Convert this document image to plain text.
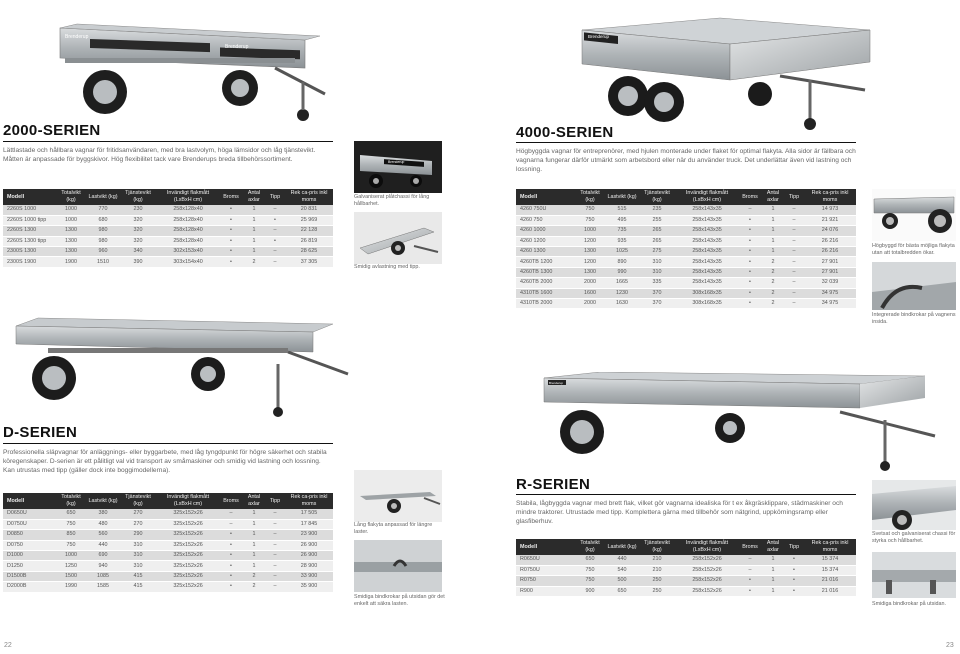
Brenderup
Brenderup
2000-SERIEN
Lättlastade och hållbara vagnar för fritidsanvändaren, med bra lastvolym, höga lämsidor och låg tjänstevikt. Måtten är anpassade för byggskivor. Hög flexibilitet tack vare Brenderups breda tillbehörssortiment.
Modell	Totalvikt (kg)	Lastvikt (kg)	Tjänstevikt (kg)	Invändigt flakmått (LxBxH cm)	Broms	Antal axlar	Tipp	Rek ca-pris inkl moms
2260S 1000	1000	770	230	258x128x40	•	1	–	20 831
2260S 1000 tipp	1000	680	320	258x128x40	•	1	•	25 969
2260S 1300	1300	980	320	258x128x40	•	1	–	22 128
2260S 1300 tipp	1300	980	320	258x128x40	•	1	•	26 819
2300S 1300	1300	960	340	302x153x40	•	1	–	28 625
2300S 1900	1900	1510	390	303x154x40	•	2	–	37 305
Brenderup
Galvaniserat plåtchassi för lång hållbarhet.
Smidig avlastning med tipp.
D-SERIEN
Professionella släpvagnar för anläggnings- eller byggarbete, med låg tyngdpunkt för högre säkerhet och stabila köregenskaper. D-serien är ett pålitligt val vid transport av småmaskiner och smidig vid lastning och lossning. Kan utrustas med tipp (gäller dock inte boggimodellerna).
Modell	Totalvikt (kg)	Lastvikt (kg)	Tjänstevikt (kg)	Invändigt flakmått (LxBxH cm)	Broms	Antal axlar	Tipp	Rek ca-pris inkl moms
D0650U	650	380	270	325x152x26	–	1	–	17 505
D0750U	750	480	270	325x152x26	–	1	–	17 845
D0850	850	560	290	325x152x26	•	1	–	23 900
D0750	750	440	310	325x152x26	•	1	–	26 900
D1000	1000	690	310	325x152x26	•	1	–	26 900
D1250	1250	940	310	325x152x26	•	1	–	28 900
D1500B	1500	1085	415	325x152x26	•	2	–	33 900
D2000B	1990	1585	415	325x152x26	•	2	–	35 900
Lång flakyta anpassad för längre laster.
Smidiga bindkrokar på utsidan gör det enkelt att säkra lasten.
22
Brenderup
4000-SERIEN
Högbyggda vagnar för entreprenörer, med hjulen monterade under flaket för optimal flakyta. Alla sidor är fällbara och vagnarna fungerar därför utmärkt som arbetsbord eller när du använder truck. Det underlättar även vid lastning och lossning.
Modell	Totalvikt (kg)	Lastvikt (kg)	Tjänstevikt (kg)	Invändigt flakmått (LxBxH cm)	Broms	Antal axlar	Tipp	Rek ca-pris inkl moms
4260 750U	750	515	235	258x143x35	–	1	–	14 973
4260 750	750	495	255	258x143x35	•	1	–	21 921
4260 1000	1000	735	265	258x143x35	•	1	–	24 076
4260 1200	1200	935	265	258x143x35	•	1	–	26 216
4260 1300	1300	1025	275	258x143x35	•	1	–	26 216
4260TB 1200	1200	890	310	258x143x35	•	2	–	27 901
4260TB 1300	1300	990	310	258x143x35	•	2	–	27 901
4260TB 2000	2000	1665	335	258x143x35	•	2	–	32 039
4310TB 1600	1600	1230	370	308x168x35	•	2	–	34 975
4310TB 2000	2000	1630	370	308x168x35	•	2	–	34 975
Högbyggd för bästa möjliga flakyta utan att totalbredden ökar.
Integrerade bindkrokar på vagnens insida.
Brenderup
R-SERIEN
Stabila, lågbyggda vagnar med brett flak, vilket gör vagnarna idealiska för t ex åkgräsklippare, städmaskiner och mindre traktorer. Utrustade med tipp. Komplettera gärna med tillbehör som nätgrind, uppkörningsramp eller glasfiberhuv.
Modell	Totalvikt (kg)	Lastvikt (kg)	Tjänstevikt (kg)	Invändigt flakmått (LxBxH cm)	Broms	Antal axlar	Tipp	Rek ca-pris inkl moms
R0650U	650	440	210	258x152x26	–	1	•	15 374
R0750U	750	540	210	258x152x26	–	1	•	15 374
R0750	750	500	250	258x152x26	•	1	•	21 016
R900	900	650	250	258x152x26	•	1	•	21 016
Svetsat och galvaniserat chassi för styrka och hållbarhet.
Smidiga bindkrokar på utsidan.
23
